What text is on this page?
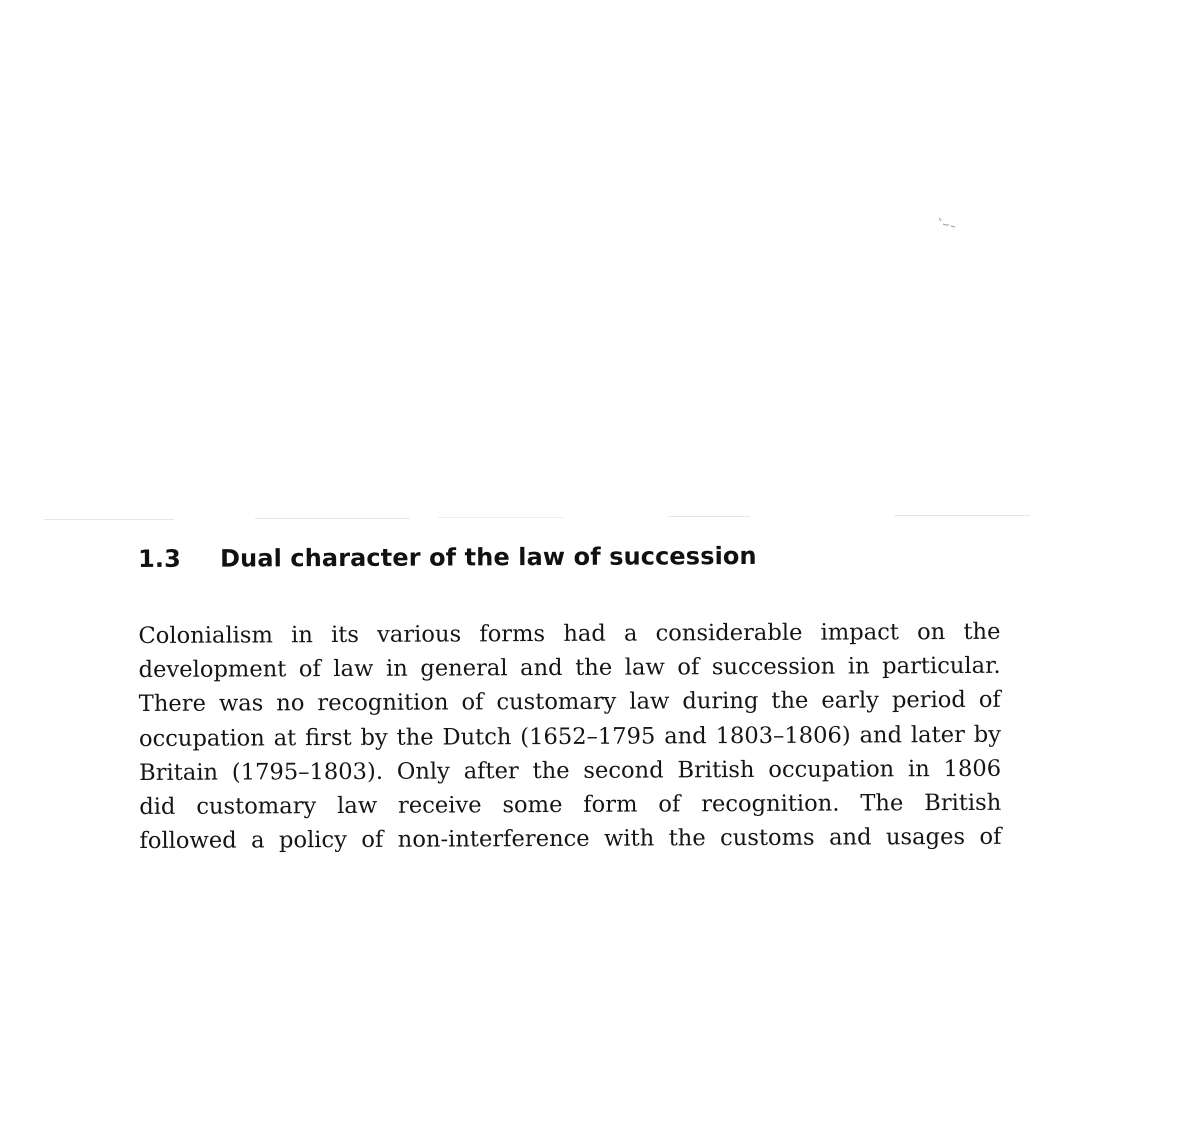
1.3	Dual character of the law of succession
Colonialism in its various forms had a considerable impact on the
development of law in general and the law of succession in particular.
There was no recognition of customary law during the early period of
occupation at first by the Dutch (1652–1795 and 1803–1806) and later by
Britain (1795–1803). Only after the second British occupation in 1806
did customary law receive some form of recognition. The British
followed a policy of non-interference with the customs and usages of
